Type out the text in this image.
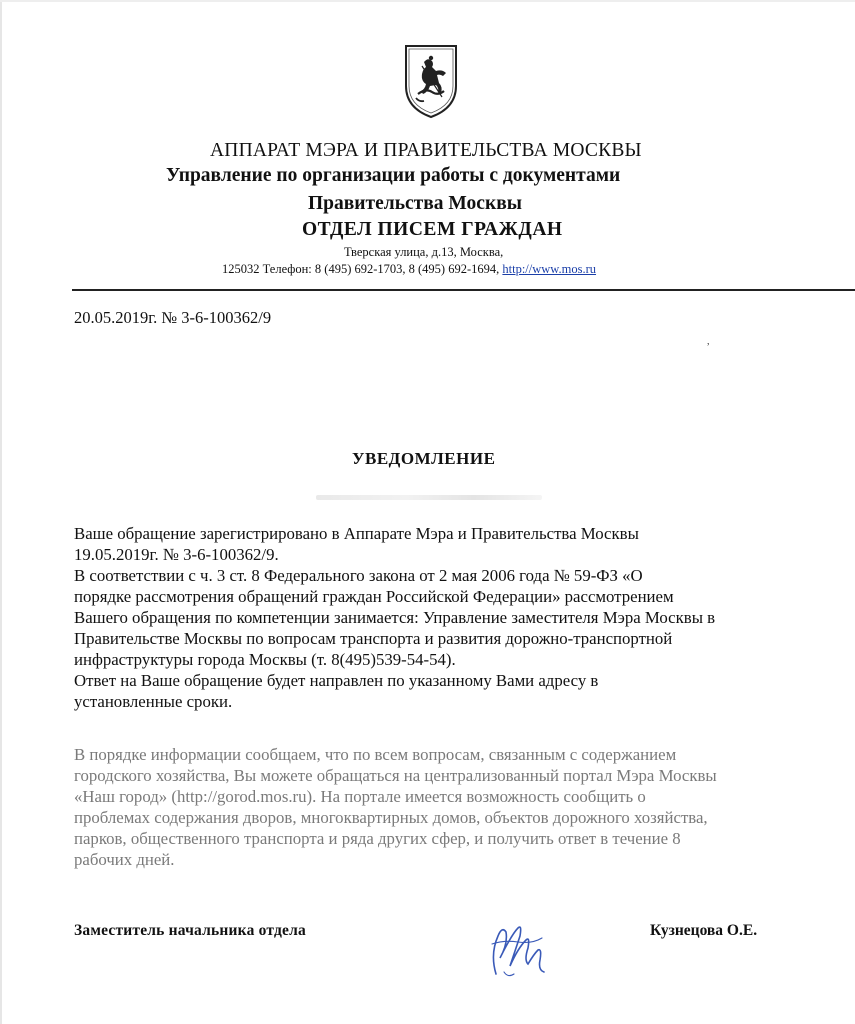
АППАРАТ МЭРА И ПРАВИТЕЛЬСТВА МОСКВЫ
Управление по организации работы с документами
Правительства Москвы
ОТДЕЛ ПИСЕМ ГРАЖДАН
Тверская улица, д.13, Москва,
125032 Телефон: 8 (495) 692-1703, 8 (495) 692-1694, http://www.mos.ru
20.05.2019г. № 3-6-100362/9
,
УВЕДОМЛЕНИЕ
Ваше обращение зарегистрировано в Аппарате Мэра и Правительства Москвы
19.05.2019г. № 3-6-100362/9.
В соответствии с ч. 3 ст. 8 Федерального закона от 2 мая 2006 года № 59-ФЗ «О
порядке рассмотрения обращений граждан Российской Федерации» рассмотрением
Вашего обращения по компетенции занимается: Управление заместителя Мэра Москвы в
Правительстве Москвы по вопросам транспорта и развития дорожно-транспортной
инфраструктуры города Москвы (т. 8(495)539-54-54).
Ответ на Ваше обращение будет направлен по указанному Вами адресу в
установленные сроки.
В порядке информации сообщаем, что по всем вопросам, связанным с содержанием
городского хозяйства, Вы можете обращаться на централизованный портал Мэра Москвы
«Наш город» (http://gorod.mos.ru). На портале имеется возможность сообщить о
проблемах содержания дворов, многоквартирных домов, объектов дорожного хозяйства,
парков, общественного транспорта и ряда других сфер, и получить ответ в течение 8
рабочих дней.
Заместитель начальника отдела	Кузнецова О.Е.
